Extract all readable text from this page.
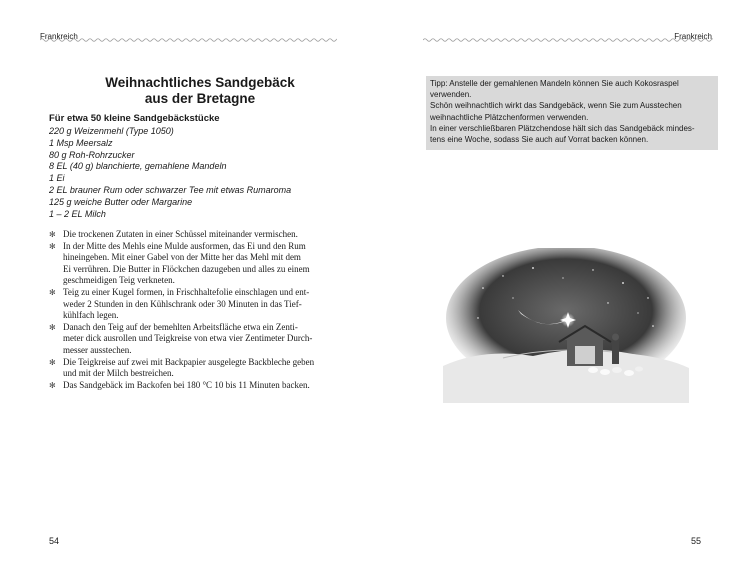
Frankreich
Weihnachtliches Sandgebäck
aus der Bretagne
Für etwa 50 kleine Sandgebäckstücke
220 g Weizenmehl (Type 1050)
1 Msp Meersalz
80 g Roh-Rohrzucker
8 EL (40 g) blanchierte, gemahlene Mandeln
1 Ei
2 EL brauner Rum oder schwarzer Tee mit etwas Rumaroma
125 g weiche Butter oder Margarine
1 – 2 EL Milch
✻ Die trockenen Zutaten in einer Schüssel miteinander vermischen.
✻ In der Mitte des Mehls eine Mulde ausformen, das Ei und den Rum
hineingeben. Mit einer Gabel von der Mitte her das Mehl mit dem
Ei verrühren. Die Butter in Flöckchen dazugeben und alles zu einem
geschmeidigen Teig verkneten.
✻ Teig zu einer Kugel formen, in Frischhaltefolie einschlagen und ent-
weder 2 Stunden in den Kühlschrank oder 30 Minuten in das Tief-
kühlfach legen.
✻ Danach den Teig auf der bemehlten Arbeitsfläche etwa ein Zenti-
meter dick ausrollen und Teigkreise von etwa vier Zentimeter Durch-
messer ausstechen.
✻ Die Teigkreise auf zwei mit Backpapier ausgelegte Backbleche geben
und mit der Milch bestreichen.
✻ Das Sandgebäck im Backofen bei 180 °C 10 bis 11 Minuten backen.
54
Frankreich
Tipp: Anstelle der gemahlenen Mandeln können Sie auch Kokosraspel
verwenden.
Schön weihnachtlich wirkt das Sandgebäck, wenn Sie zum Ausstechen
weihnachtliche Plätzchenformen verwenden.
In einer verschließbaren Plätzchendose hält sich das Sandgebäck mindes-
tens eine Woche, sodass Sie auch auf Vorrat backen können.
55
